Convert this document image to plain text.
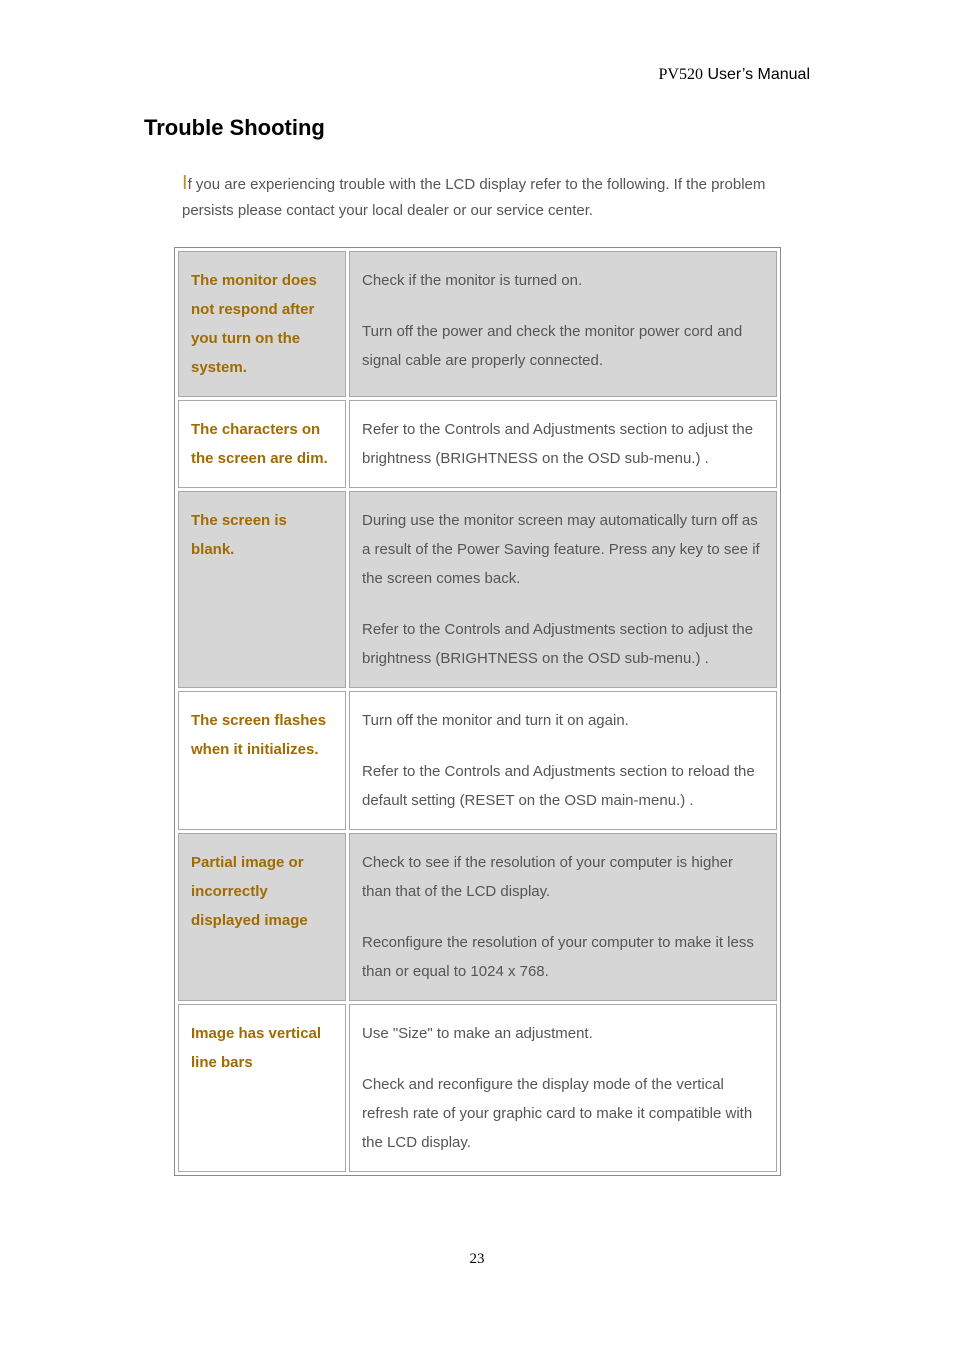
PV520 User’s Manual
Trouble Shooting
If you are experiencing trouble with the LCD display refer to the following. If the problem persists please contact your local dealer or our service center.
The monitor does not respond after you turn on the system.	Check if the monitor is turned on.

Turn off the power and check the monitor power cord and signal cable are properly connected.

The characters on the screen are dim.	Refer to the Controls and Adjustments section to adjust the brightness (BRIGHTNESS on the OSD sub-menu.) .

The screen is blank.	During use the monitor screen may automatically turn off as a result of the Power Saving feature. Press any key to see if the screen comes back.

Refer to the Controls and Adjustments section to adjust the brightness (BRIGHTNESS on the OSD sub-menu.) .

The screen flashes when it initializes.	Turn off the monitor and turn it on again.

Refer to the Controls and Adjustments section to reload the default setting (RESET on the OSD main-menu.) .

Partial image or incorrectly displayed image	Check to see if the resolution of your computer is higher than that of the LCD display.

Reconfigure the resolution of your computer to make it less than or equal to 1024 x 768.

Image has vertical line bars	Use "Size" to make an adjustment.

Check and reconfigure the display mode of the vertical refresh rate of your graphic card to make it compatible with the LCD display.

23
